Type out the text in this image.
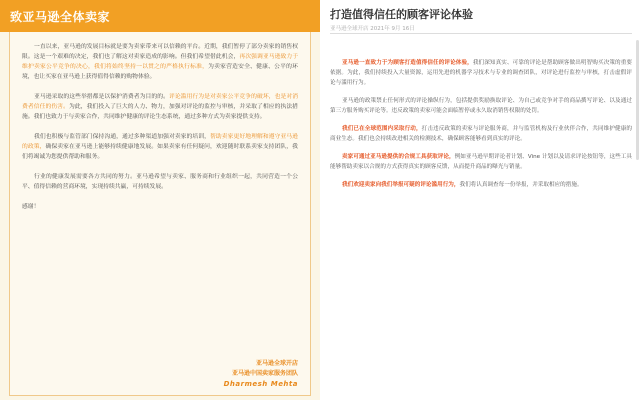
致亚马逊全体卖家

一直以来，亚马逊的发展目标就是要为卖家带来可以信赖的平台。近期，我们暂停了部分卖家的销售权限。这是一个艰难的决定，我们也了解这对卖家造成的影响。但我们希望借此机会，再次强调亚马逊致力于维护卖家公平竞争的决心，我们将始终坚持一以贯之的严格执行标准，为卖家营造安全、健康、公平的环境，也让买家在亚马逊上获得值得信赖的购物体验。

亚马逊采取的这些举措都是以保护消费者为目的的。评论滥用行为是对卖家公平竞争的破坏，也是对消费者信任的伤害。为此，我们投入了巨大的人力、物力，加强对评论的监控与审核，并采取了相应的执法措施。我们也致力于与卖家合作，共同维护健康的评论生态系统，通过多种方式为卖家提供支持。

我们也积极与监管部门保持沟通，通过多种渠道加强对卖家的培训，帮助卖家更好地理解和遵守亚马逊的政策，确保卖家在亚马逊上能够持续健康地发展。如果卖家有任何疑问，欢迎随时联系卖家支持团队，我们将竭诚为您提供帮助和服务。

行业的健康发展需要各方共同的努力。亚马逊希望与卖家、服务商和行业组织一起，共同营造一个公平、值得信赖的营商环境，实现持续共赢，可持续发展。

感谢！

亚马逊全球开店
亚马逊中国卖家服务团队
Dharmesh Mehta
打造值得信任的顾客评论体验
亚马逊全球开店 2021年 9月 16日

亚马逊一直致力于为顾客打造值得信任的评论体验，我们深知真实、可靠的评论是帮助顾客做出明智购买决策的重要依据。为此，我们持续投入大量资源，运用先进的机器学习技术与专业的调查团队，对评论进行监控与审核，打击虚假评论与滥用行为。

亚马逊的政策禁止任何形式的评论操纵行为，包括提供奖励换取评论、为自己或竞争对手的商品撰写评论、以及通过第三方服务购买评论等。违反政策的卖家可能会面临暂停或永久取消销售权限的处罚。

我们已在全球范围内采取行动，打击违反政策的卖家与评论服务商，并与监管机构及行业伙伴合作，共同维护健康的商业生态。我们也会持续改进相关的检测技术，确保顾客能够看到真实的评论。

卖家可通过亚马逊提供的合规工具获取评论，例如亚马逊早期评论者计划、Vine 计划以及请求评论按钮等，这些工具能够帮助卖家以合规的方式获得真实的顾客反馈，从而提升商品的曝光与销量。

我们欢迎卖家向我们举报可疑的评论滥用行为，我们将认真调查每一份举报，并采取相应的措施。
